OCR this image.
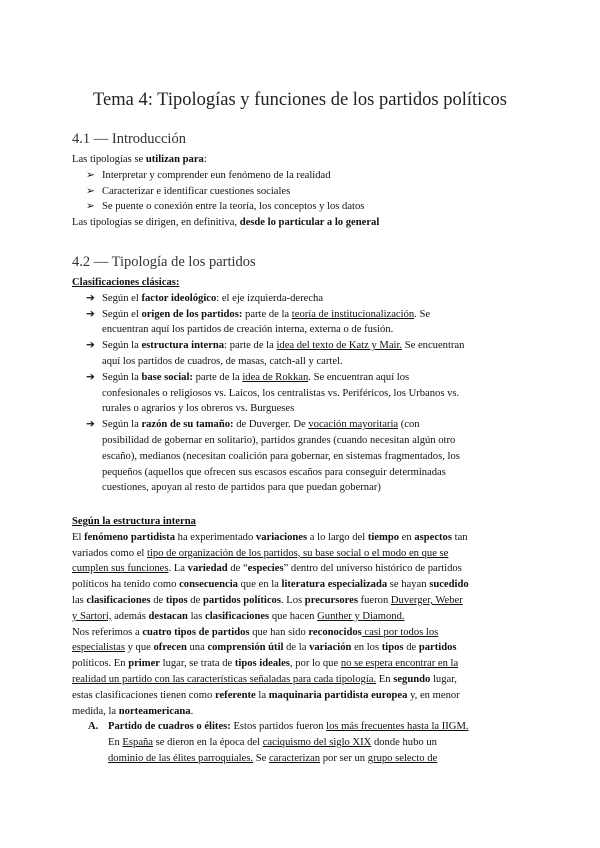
Tema 4: Tipologías y funciones de los partidos políticos
4.1 — Introducción
Las tipologías se utilizan para:
➢ Interpretar y comprender eun fenómeno de la realidad
➢ Caracterizar e identificar cuestiones sociales
➢ Se puente o conexión entre la teoría, los conceptos y los datos
Las tipologías se dirigen, en definitiva, desde lo particular a lo general
4.2 — Tipología de los partidos
Clasificaciones clásicas:
➔ Según el factor ideológico: el eje izquierda-derecha
➔ Según el origen de los partidos: parte de la teoría de institucionalización. Se
encuentran aquí los partidos de creación interna, externa o de fusión.
➔ Según la estructura interna: parte de la idea del texto de Katz y Mair. Se encuentran
aquí los partidos de cuadros, de masas, catch-all y cartel.
➔ Según la base social: parte de la idea de Rokkan. Se encuentran aquí los
confesionales o religiosos vs. Laicos, los centralistas vs. Periféricos, los Urbanos vs.
rurales o agrarios y los obreros vs. Burgueses
➔ Según la razón de su tamaño: de Duverger. De vocación mayoritaria (con
posibilidad de gobernar en solitario), partidos grandes (cuando necesitan algún otro
escaño), medianos (necesitan coalición para gobernar, en sistemas fragmentados, los
pequeños (aquellos que ofrecen sus escasos escaños para conseguir determinadas
cuestiones, apoyan al resto de partidos para que puedan gobernar)
Según la estructura interna
El fenómeno partidista ha experimentado variaciones a lo largo del tiempo en aspectos tan
variados como el tipo de organización de los partidos, su base social o el modo en que se
cumplen sus funciones. La variedad de “especies” dentro del universo histórico de partidos
políticos ha tenido como consecuencia que en la literatura especializada se hayan sucedido
las clasificaciones de tipos de partidos políticos. Los precursores fueron Duverger, Weber
y Sartori, además destacan las clasificaciones que hacen Gunther y Diamond.
Nos referimos a cuatro tipos de partidos que han sido reconocidos casi por todos los
especialistas y que ofrecen una comprensión útil de la variación en los tipos de partidos
políticos. En primer lugar, se trata de tipos ideales, por lo que no se espera encontrar en la
realidad un partido con las características señaladas para cada tipología. En segundo lugar,
estas clasificaciones tienen como referente la maquinaria partidista europea y, en menor
medida, la norteamericana.
A. Partido de cuadros o élites: Estos partidos fueron los más frecuentes hasta la IIGM.
En España se dieron en la época del caciquismo del siglo XIX donde hubo un
dominio de las élites parroquiales. Se caracterizan por ser un grupo selecto de
